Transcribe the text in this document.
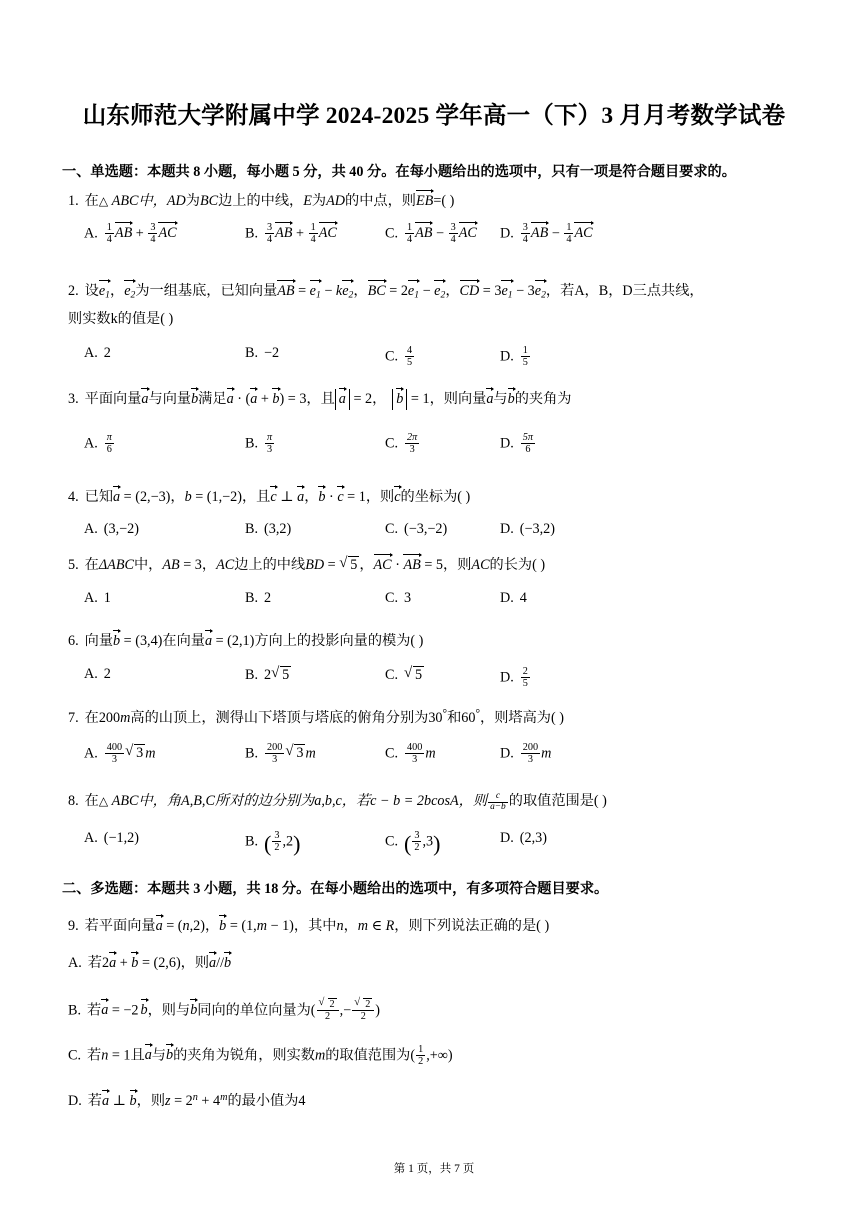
山东师范大学附属中学 2024-2025 学年高一（下）3 月月考数学试卷
一、单选题：本题共 8 小题，每小题 5 分，共 40 分。在每小题给出的选项中，只有一项是符合题目要求的。
1. 在△ ABC中，AD为BC边上的中线，E为AD的中点，则EB=( )
A. $\frac{1}{4}$ AB + $\frac{3}{4}$ AC	B. $\frac{3}{4}$ AB + $\frac{1}{4}$ AC	C. $\frac{1}{4}$ AB − $\frac{3}{4}$ AC D. $\frac{3}{4}$ AB − $\frac{1}{4}$ AC
2. 设$e_1$，$e_2$为一组基底，已知向量AB = $e_1 - ke_2$，BC = $2e_1 - e_2$，CD = $3e_1 - 3e_2$，若A，B，D三点共线，
则实数k的值是( )
A. 2	B. −2	C. $\frac{4}{5}$	D. $\frac{1}{5}$
3. 平面向量a与向量b满足a · (a + b) = 3，且 a = 2， b = 1，则向量a与b的夹角为
A. $\frac{\pi}{6}$	B. $\frac{\pi}{3}$	C. $\frac{2\pi}{3}$	D. $\frac{5\pi}{6}$
4. 已知a = (2,−3)，b = (1,−2)，且c ⊥ a，b · c = 1，则c的坐标为( )
A. (3,−2)	B. (3,2)	C. (−3,−2)	D. (−3,2)
5. 在ΔABC中，AB = 3，AC边上的中线BD = √ 5 ，AC · AB = 5，则AC的长为( )
A. 1	B. 2	C. 3	D. 4
6. 向量b = (3,4)在向量a = (2,1)方向上的投影向量的模为( )
A. 2	B. 2 √ 5	C. √ 5	D. $\frac{2}{5}$
7. 在200m高的山顶上，测得山下塔顶与塔底的俯角分别为30°和60°，则塔高为( )
A. $\frac{400}{3}$ √ 3 m	B. $\frac{200}{3}$ √ 3 m	C. $\frac{400}{3}$ m	D. $\frac{200}{3}$ m
8. 在△ ABC中，角A,B,C所对的边分别为a,b,c，若c − b = 2bcosA，则 $\frac{c}{a-b}$ 的取值范围是( )
A. (−1,2)	B. ( $\frac{3}{2} ,2$)	C. ( $\frac{3}{2} ,3$)	D. (2,3)
二、多选题：本题共 3 小题，共 18 分。在每小题给出的选项中，有多项符合题目要求。
9. 若平面向量a = (n,2)，b = (1,m − 1)，其中n，m ∈ R，则下列说法正确的是( )
A. 若2a + b = (2,6)，则a//b
B. 若a = −2 b，则与b同向的单位向量为( $\frac{√ 2}{2}$ ,− $\frac{√ 2}{2}$ )
C. 若n = 1且a与b的夹角为锐角，则实数m的取值范围为( $\frac{1}{2}$ ,+∞)
D. 若a ⊥ b，则$z = 2^n + 4^m$的最小值为4
第 1 页，共 7 页
